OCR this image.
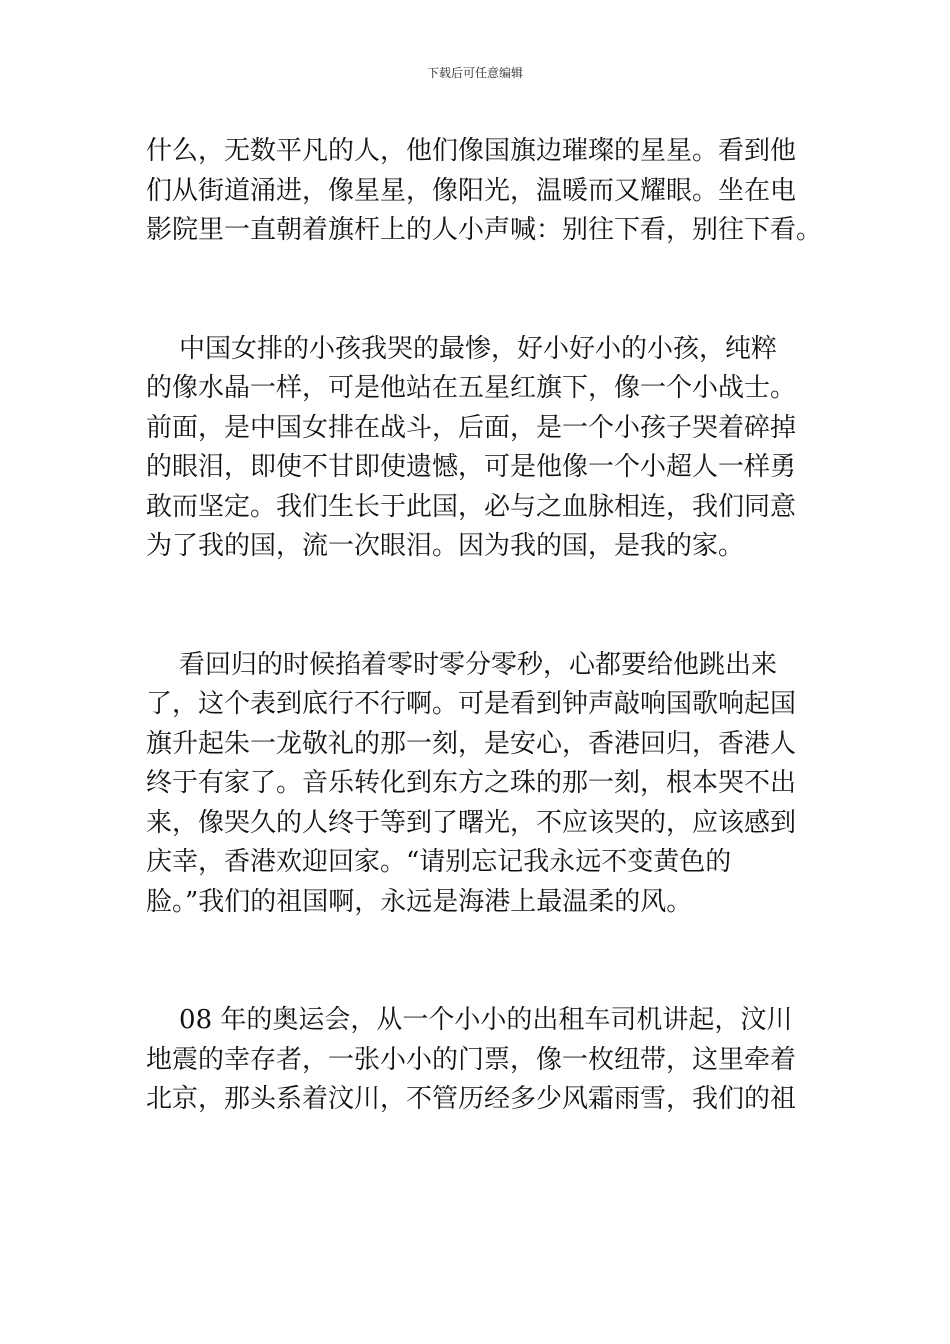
下载后可任意编辑
什么，无数平凡的人，他们像国旗边璀璨的星星。看到他
们从街道涌进，像星星，像阳光，温暖而又耀眼。坐在电
影院里一直朝着旗杆上的人小声喊：别往下看，别往下看。
中国女排的小孩我哭的最惨，好小好小的小孩，纯粹
的像水晶一样，可是他站在五星红旗下，像一个小战士。
前面，是中国女排在战斗，后面，是一个小孩子哭着碎掉
的眼泪，即使不甘即使遗憾，可是他像一个小超人一样勇
敢而坚定。我们生长于此国，必与之血脉相连，我们同意
为了我的国，流一次眼泪。因为我的国，是我的家。
看回归的时候掐着零时零分零秒，心都要给他跳出来
了，这个表到底行不行啊。可是看到钟声敲响国歌响起国
旗升起朱一龙敬礼的那一刻，是安心，香港回归，香港人
终于有家了。音乐转化到东方之珠的那一刻，根本哭不出
来，像哭久的人终于等到了曙光，不应该哭的，应该感到
庆幸，香港欢迎回家。“请别忘记我永远不变黄色的
脸。”我们的祖国啊，永远是海港上最温柔的风。
08 年的奥运会，从一个小小的出租车司机讲起，汶川
地震的幸存者，一张小小的门票，像一枚纽带，这里牵着
北京，那头系着汶川，不管历经多少风霜雨雪，我们的祖
